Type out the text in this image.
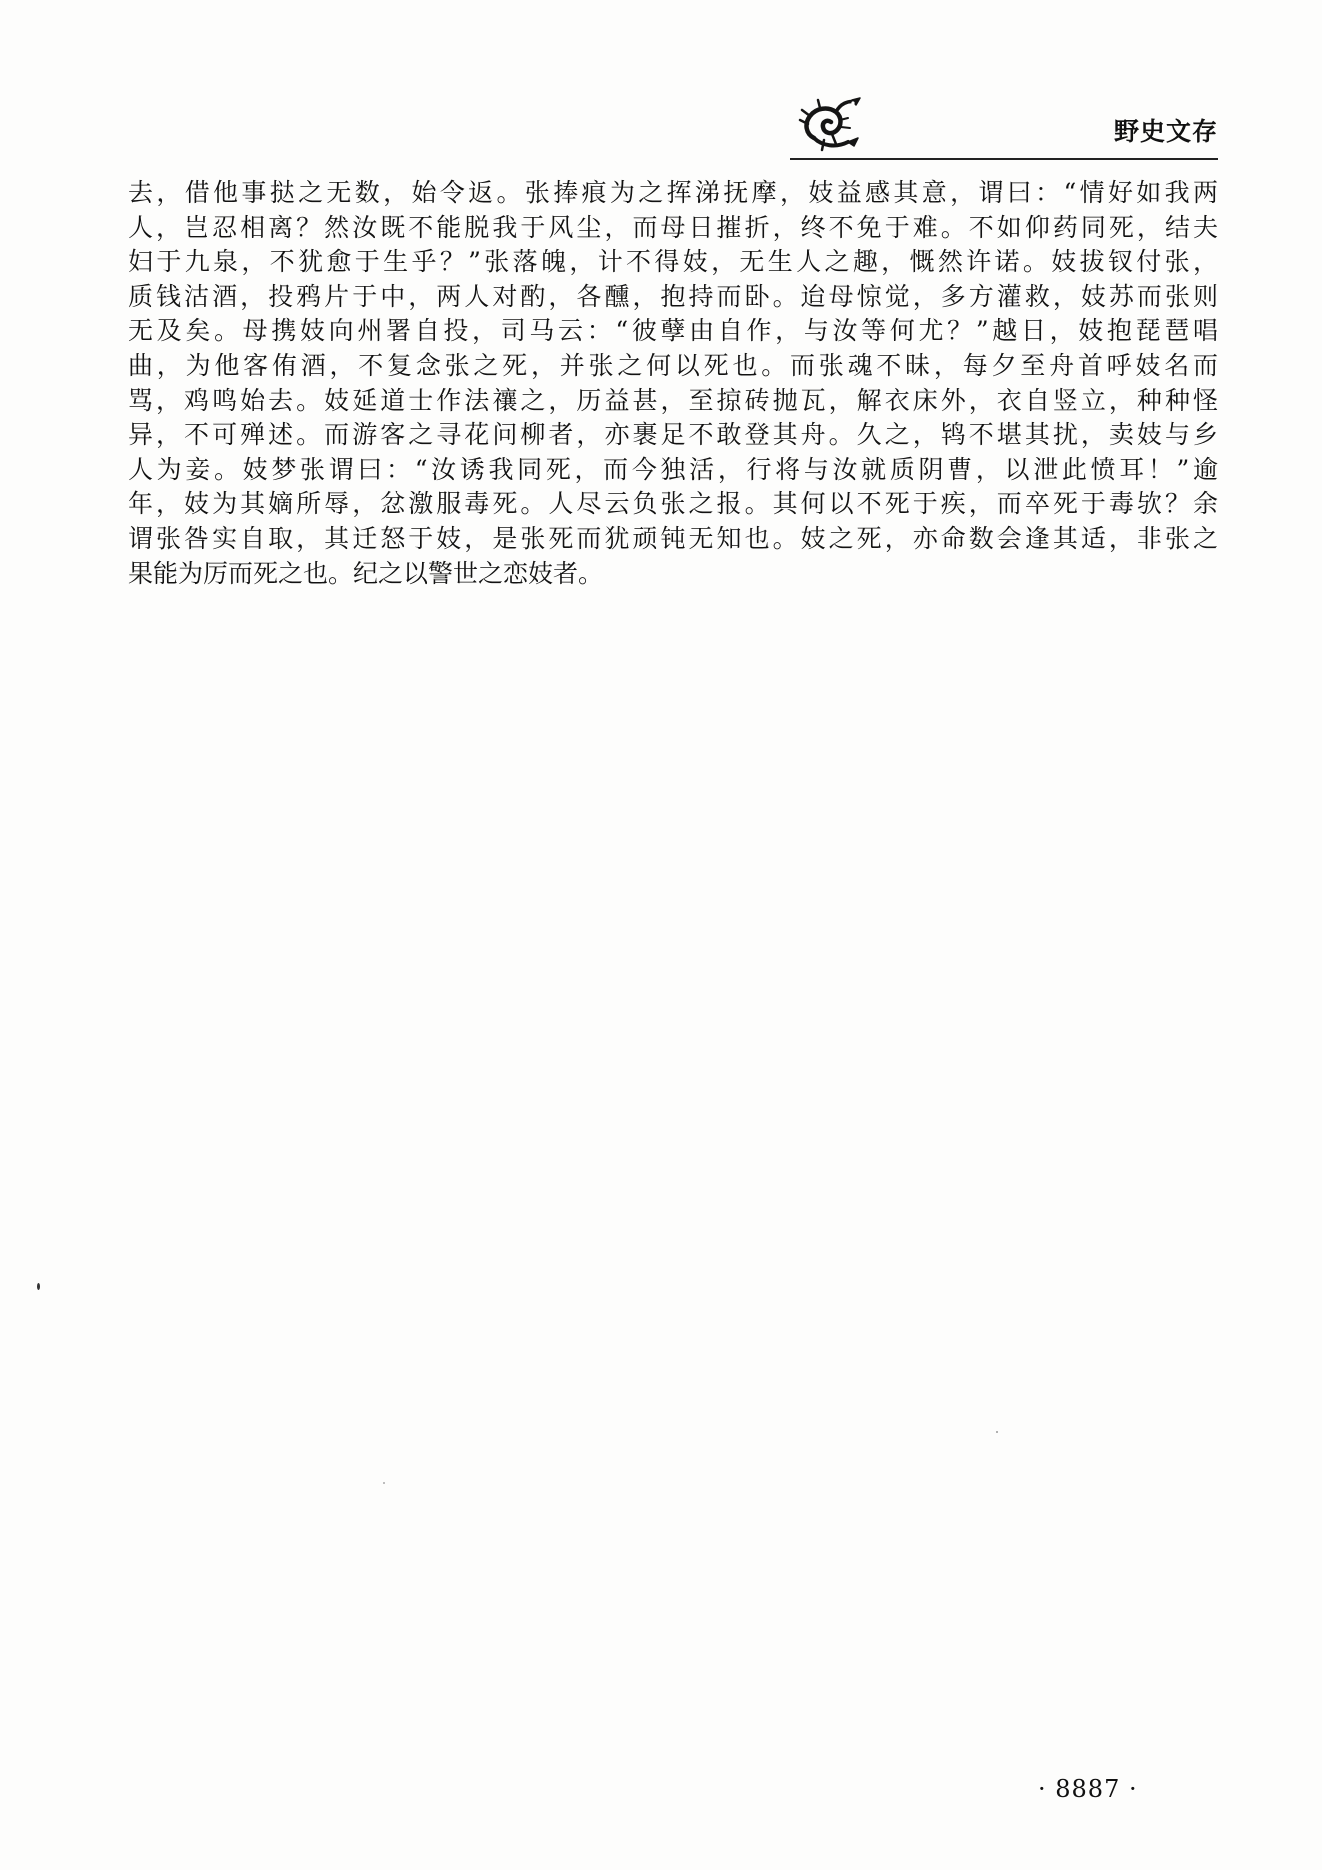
野史文存
去，借他事挞之无数，始令返。张捧痕为之挥涕抚摩，妓益感其意，谓曰：“情好如我两
人，岂忍相离？然汝既不能脱我于风尘，而母日摧折，终不免于难。不如仰药同死，结夫
妇于九泉，不犹愈于生乎？”张落魄，计不得妓，无生人之趣，慨然许诺。妓拔钗付张，
质钱沽酒，投鸦片于中，两人对酌，各醺，抱持而卧。迨母惊觉，多方灌救，妓苏而张则
无及矣。母携妓向州署自投，司马云：“彼孽由自作，与汝等何尤？”越日，妓抱琵琶唱
曲，为他客侑酒，不复念张之死，并张之何以死也。而张魂不昧，每夕至舟首呼妓名而
骂，鸡鸣始去。妓延道士作法禳之，历益甚，至掠砖抛瓦，解衣床外，衣自竖立，种种怪
异，不可殚述。而游客之寻花问柳者，亦裹足不敢登其舟。久之，鸨不堪其扰，卖妓与乡
人为妾。妓梦张谓曰：“汝诱我同死，而今独活，行将与汝就质阴曹，以泄此愤耳！”逾
年，妓为其嫡所辱，忿激服毒死。人尽云负张之报。其何以不死于疾，而卒死于毒欤？余
谓张咎实自取，其迁怒于妓，是张死而犹顽钝无知也。妓之死，亦命数会逢其适，非张之
果能为厉而死之也。纪之以警世之恋妓者。
· 8887 ·
